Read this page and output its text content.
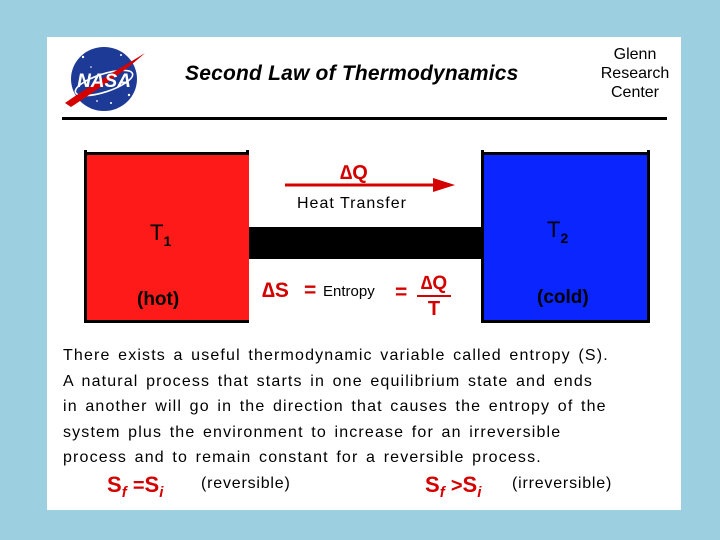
NASA	Second Law of Thermodynamics
Glenn
Research
Center
$T_1$
(hot)
$T_2$
(cold)
∆Q
Heat Transfer
∆S = Entropy = ∆Q
T
There exists a useful thermodynamic variable called entropy (S).
A natural process that starts in one equilibrium state and ends
in another will go in the direction that causes the entropy of the
system plus the environment to increase for an irreversible
process and to remain constant for a reversible process.
$S_f =S_i$
(reversible)	$S_f >S_i$
(irreversible)
